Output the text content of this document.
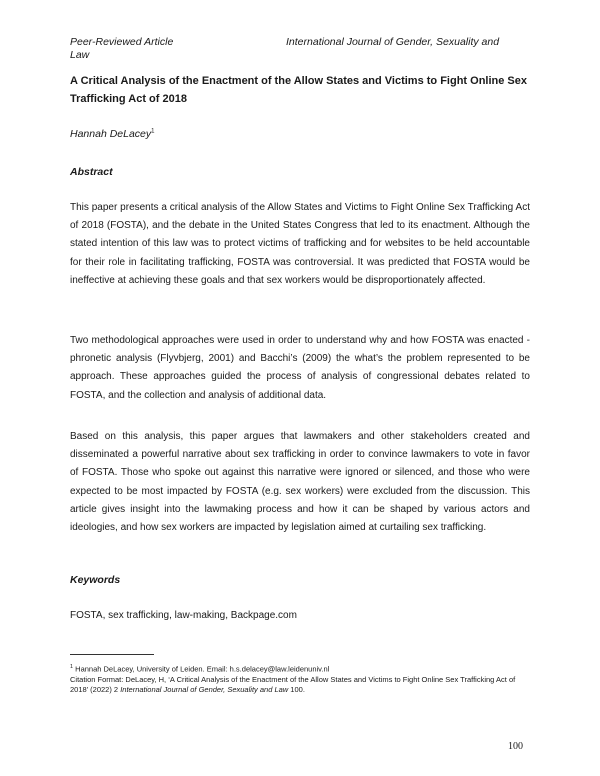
Peer-Reviewed Article
Law
International Journal of Gender, Sexuality and
A Critical Analysis of the Enactment of the Allow States and Victims to Fight Online Sex Trafficking Act of 2018
Hannah DeLacey$^1$
Abstract
This paper presents a critical analysis of the Allow States and Victims to Fight Online Sex Trafficking Act of 2018 (FOSTA), and the debate in the United States Congress that led to its enactment. Although the stated intention of this law was to protect victims of trafficking and for websites to be held accountable for their role in facilitating trafficking, FOSTA was controversial. It was predicted that FOSTA would be ineffective at achieving these goals and that sex workers would be disproportionately affected.
Two methodological approaches were used in order to understand why and how FOSTA was enacted - phronetic analysis (Flyvbjerg, 2001) and Bacchi’s (2009) the what’s the problem represented to be approach. These approaches guided the process of analysis of congressional debates related to FOSTA, and the collection and analysis of additional data.
Based on this analysis, this paper argues that lawmakers and other stakeholders created and disseminated a powerful narrative about sex trafficking in order to convince lawmakers to vote in favor of FOSTA. Those who spoke out against this narrative were ignored or silenced, and those who were expected to be most impacted by FOSTA (e.g. sex workers) were excluded from the discussion. This article gives insight into the lawmaking process and how it can be shaped by various actors and ideologies, and how sex workers are impacted by legislation aimed at curtailing sex trafficking.
Keywords
FOSTA, sex trafficking, law-making, Backpage.com
$^1$ Hannah DeLacey, University of Leiden. Email: h.s.delacey@law.leidenuniv.nl
Citation Format: DeLacey, H, ‘A Critical Analysis of the Enactment of the Allow States and Victims to Fight Online Sex Trafficking Act of 2018’ (2022) 2 International Journal of Gender, Sexuality and Law 100.
100
